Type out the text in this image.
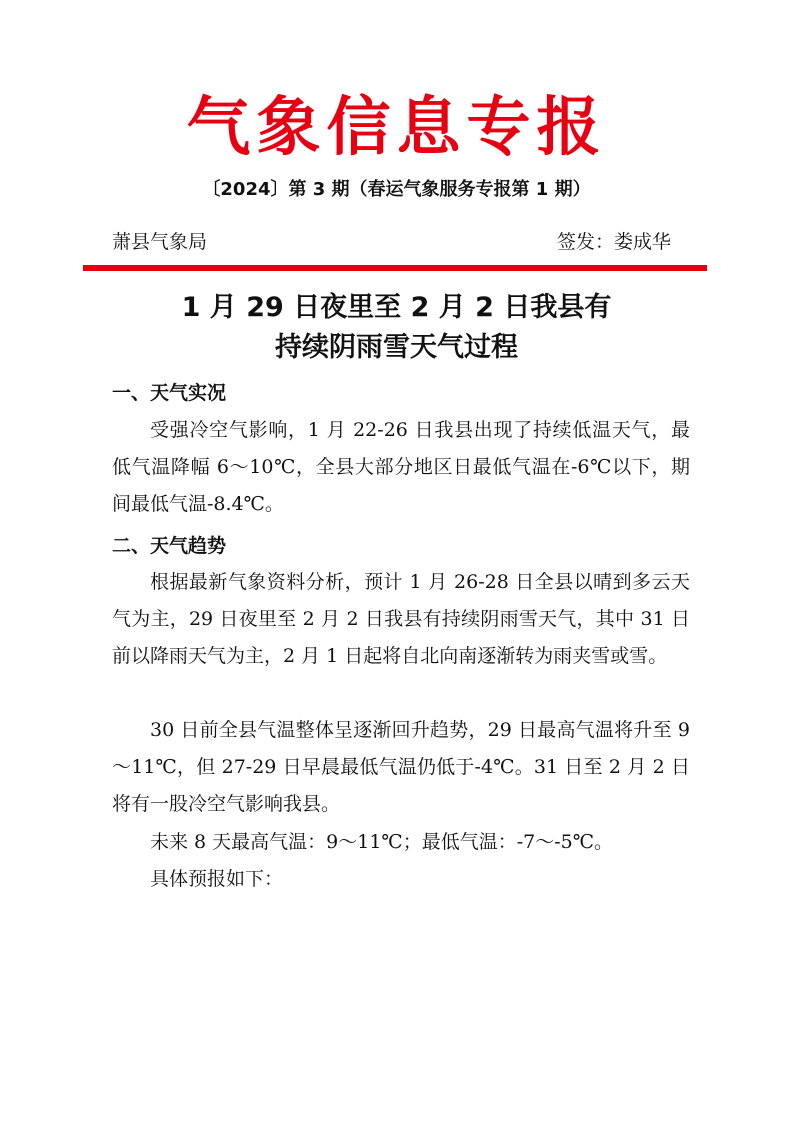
气象信息专报
〔2024〕第 3 期（春运气象服务专报第 1 期）
萧县气象局	签发：娄成华
1 月 29 日夜里至 2 月 2 日我县有
持续阴雨雪天气过程
一、天气实况

受强冷空气影响，1 月 22-26 日我县出现了持续低温天气，最低气温降幅 6～10℃，全县大部分地区日最低气温在-6℃以下，期间最低气温-8.4℃。

二、天气趋势

根据最新气象资料分析，预计 1 月 26-28 日全县以晴到多云天气为主，29 日夜里至 2 月 2 日我县有持续阴雨雪天气，其中 31 日前以降雨天气为主，2 月 1 日起将自北向南逐渐转为雨夹雪或雪。

30 日前全县气温整体呈逐渐回升趋势，29 日最高气温将升至 9～11℃，但 27-29 日早晨最低气温仍低于-4℃。31 日至 2 月 2 日将有一股冷空气影响我县。

未来 8 天最高气温：9～11℃；最低气温：-7～-5℃。

具体预报如下：
